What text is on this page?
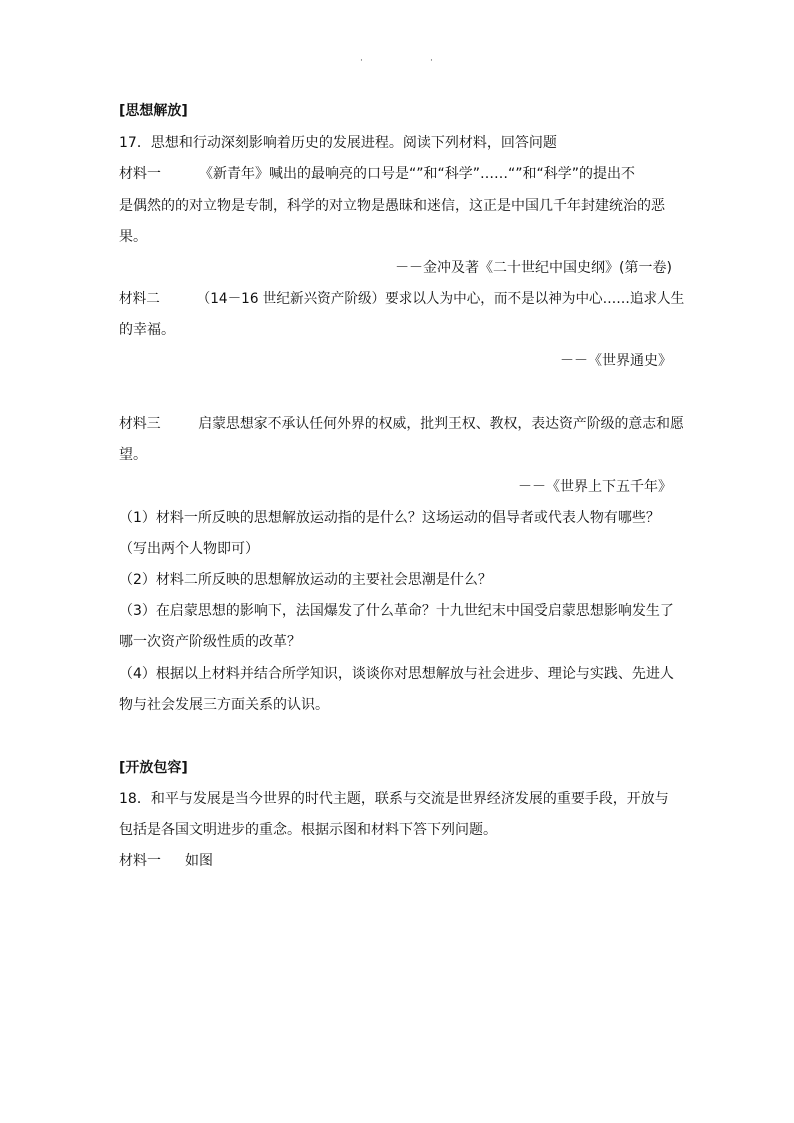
·	·
[思想解放]
17．思想和行动深刻影响着历史的发展进程。阅读下列材料，回答问题
材料一	《新青年》喊出的最响亮的口号是“”和“科学”……“”和“科学”的提出不
是偶然的的对立物是专制，科学的对立物是愚昧和迷信，这正是中国几千年封建统治的恶
果。
－－金冲及著《二十世纪中国史纲》(第一卷)
材料二	（14－16 世纪新兴资产阶级）要求以人为中心，而不是以神为中心……追求人生
的幸福。
－－《世界通史》
材料三	启蒙思想家不承认任何外界的权威，批判王权、教权，表达资产阶级的意志和愿
望。
－－《世界上下五千年》
（1）材料一所反映的思想解放运动指的是什么？这场运动的倡导者或代表人物有哪些？
（写出两个人物即可）
（2）材料二所反映的思想解放运动的主要社会思潮是什么？
（3）在启蒙思想的影响下，法国爆发了什么革命？十九世纪末中国受启蒙思想影响发生了
哪一次资产阶级性质的改革？
（4）根据以上材料并结合所学知识，谈谈你对思想解放与社会进步、理论与实践、先进人
物与社会发展三方面关系的认识。
[开放包容]
18．和平与发展是当今世界的时代主题，联系与交流是世界经济发展的重要手段，开放与
包括是各国文明进步的重念。根据示图和材料下答下列问题。
材料一 如图
